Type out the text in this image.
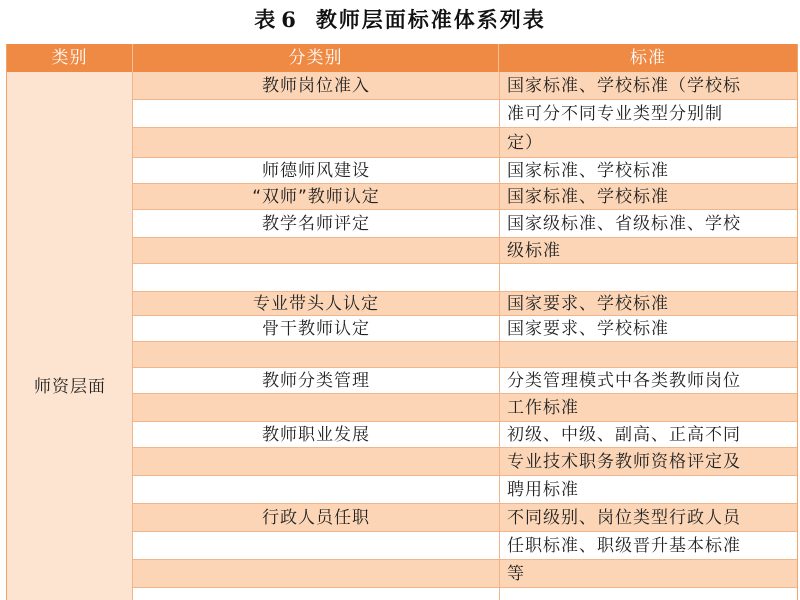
表 6 教师层面标准体系列表
类别	分类别	标准
教师岗位准入	国家标准、学校标准（学校标
准可分不同专业类型分别制
定）
师德师风建设	国家标准、学校标准
“双师”教师认定	国家标准、学校标准
教学名师评定	国家级标准、省级标准、学校
级标准
专业带头人认定	国家要求、学校标准
骨干教师认定	国家要求、学校标准
教师分类管理	分类管理模式中各类教师岗位
工作标准
教师职业发展	初级、中级、副高、正高不同
专业技术职务教师资格评定及
聘用标准
行政人员任职	不同级别、岗位类型行政人员
任职标准、职级晋升基本标准
等
师资层面
